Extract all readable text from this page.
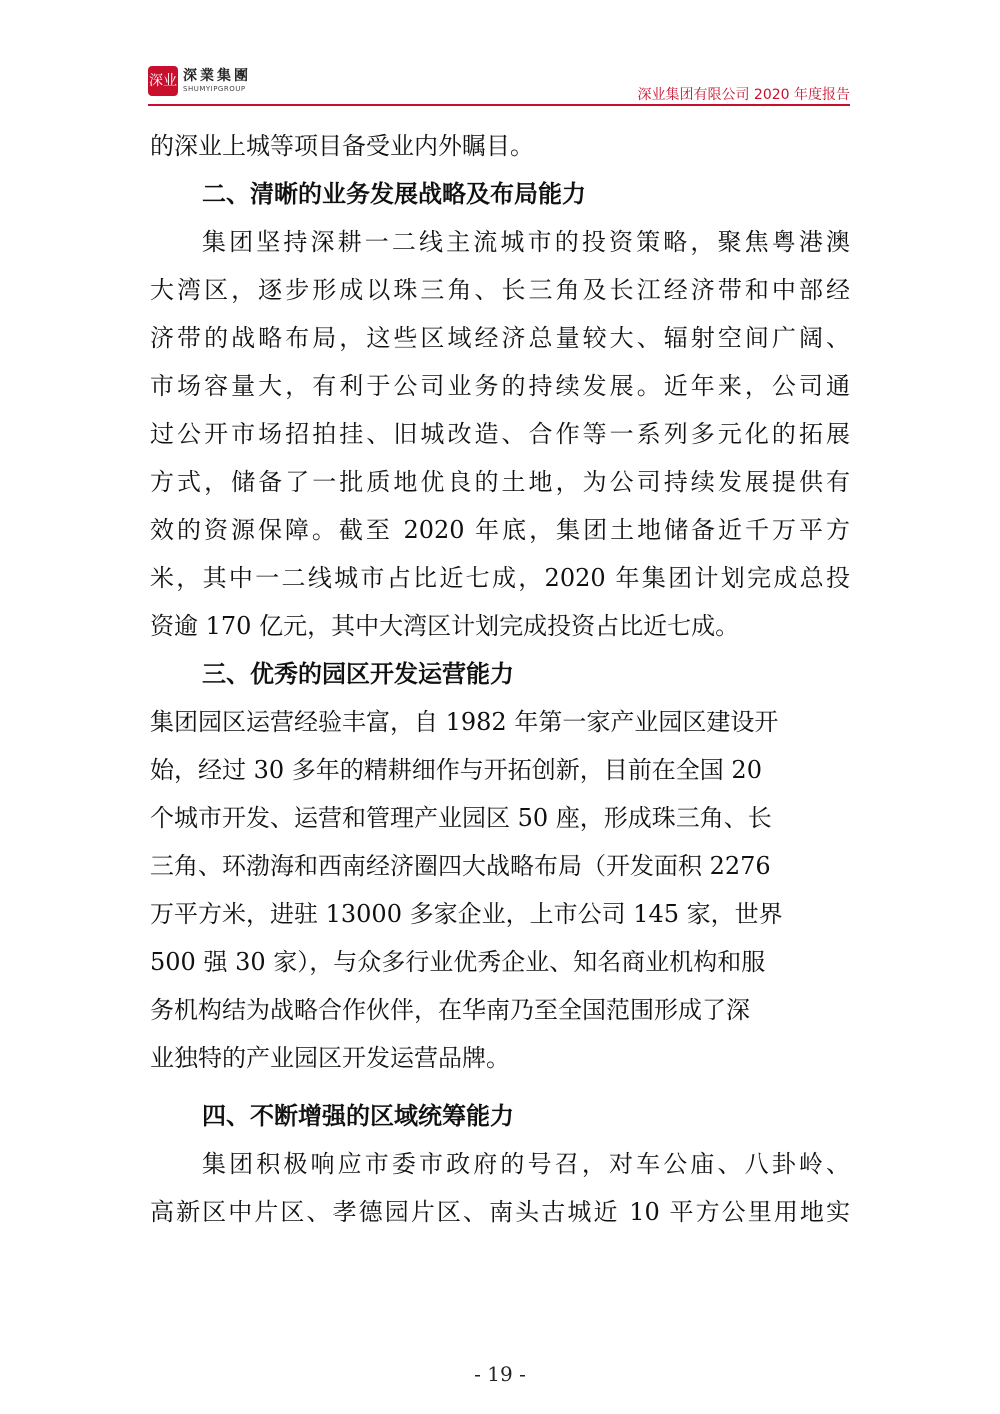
深业 深業集團
SHUMYIPGROUP	深业集团有限公司 2020 年度报告
的深业上城等项目备受业内外瞩目。
二、清晰的业务发展战略及布局能力
集团坚持深耕一二线主流城市的投资策略，聚焦粤港澳
大湾区，逐步形成以珠三角、长三角及长江经济带和中部经
济带的战略布局，这些区域经济总量较大、辐射空间广阔、
市场容量大，有利于公司业务的持续发展。近年来，公司通
过公开市场招拍挂、旧城改造、合作等一系列多元化的拓展
方式，储备了一批质地优良的土地，为公司持续发展提供有
效的资源保障。截至 2020 年底，集团土地储备近千万平方
米，其中一二线城市占比近七成，2020 年集团计划完成总投
资逾 170 亿元，其中大湾区计划完成投资占比近七成。
三、优秀的园区开发运营能力
集团园区运营经验丰富，自 1982 年第一家产业园区建设开
始，经过 30 多年的精耕细作与开拓创新，目前在全国 20
个城市开发、运营和管理产业园区 50 座，形成珠三角、长
三角、环渤海和西南经济圈四大战略布局（开发面积 2276
万平方米，进驻 13000 多家企业，上市公司 145 家，世界
500 强 30 家），与众多行业优秀企业、知名商业机构和服
务机构结为战略合作伙伴，在华南乃至全国范围形成了深
业独特的产业园区开发运营品牌。
四、不断增强的区域统筹能力
集团积极响应市委市政府的号召，对车公庙、八卦岭、
高新区中片区、孝德园片区、南头古城近 10 平方公里用地实
- 19 -
